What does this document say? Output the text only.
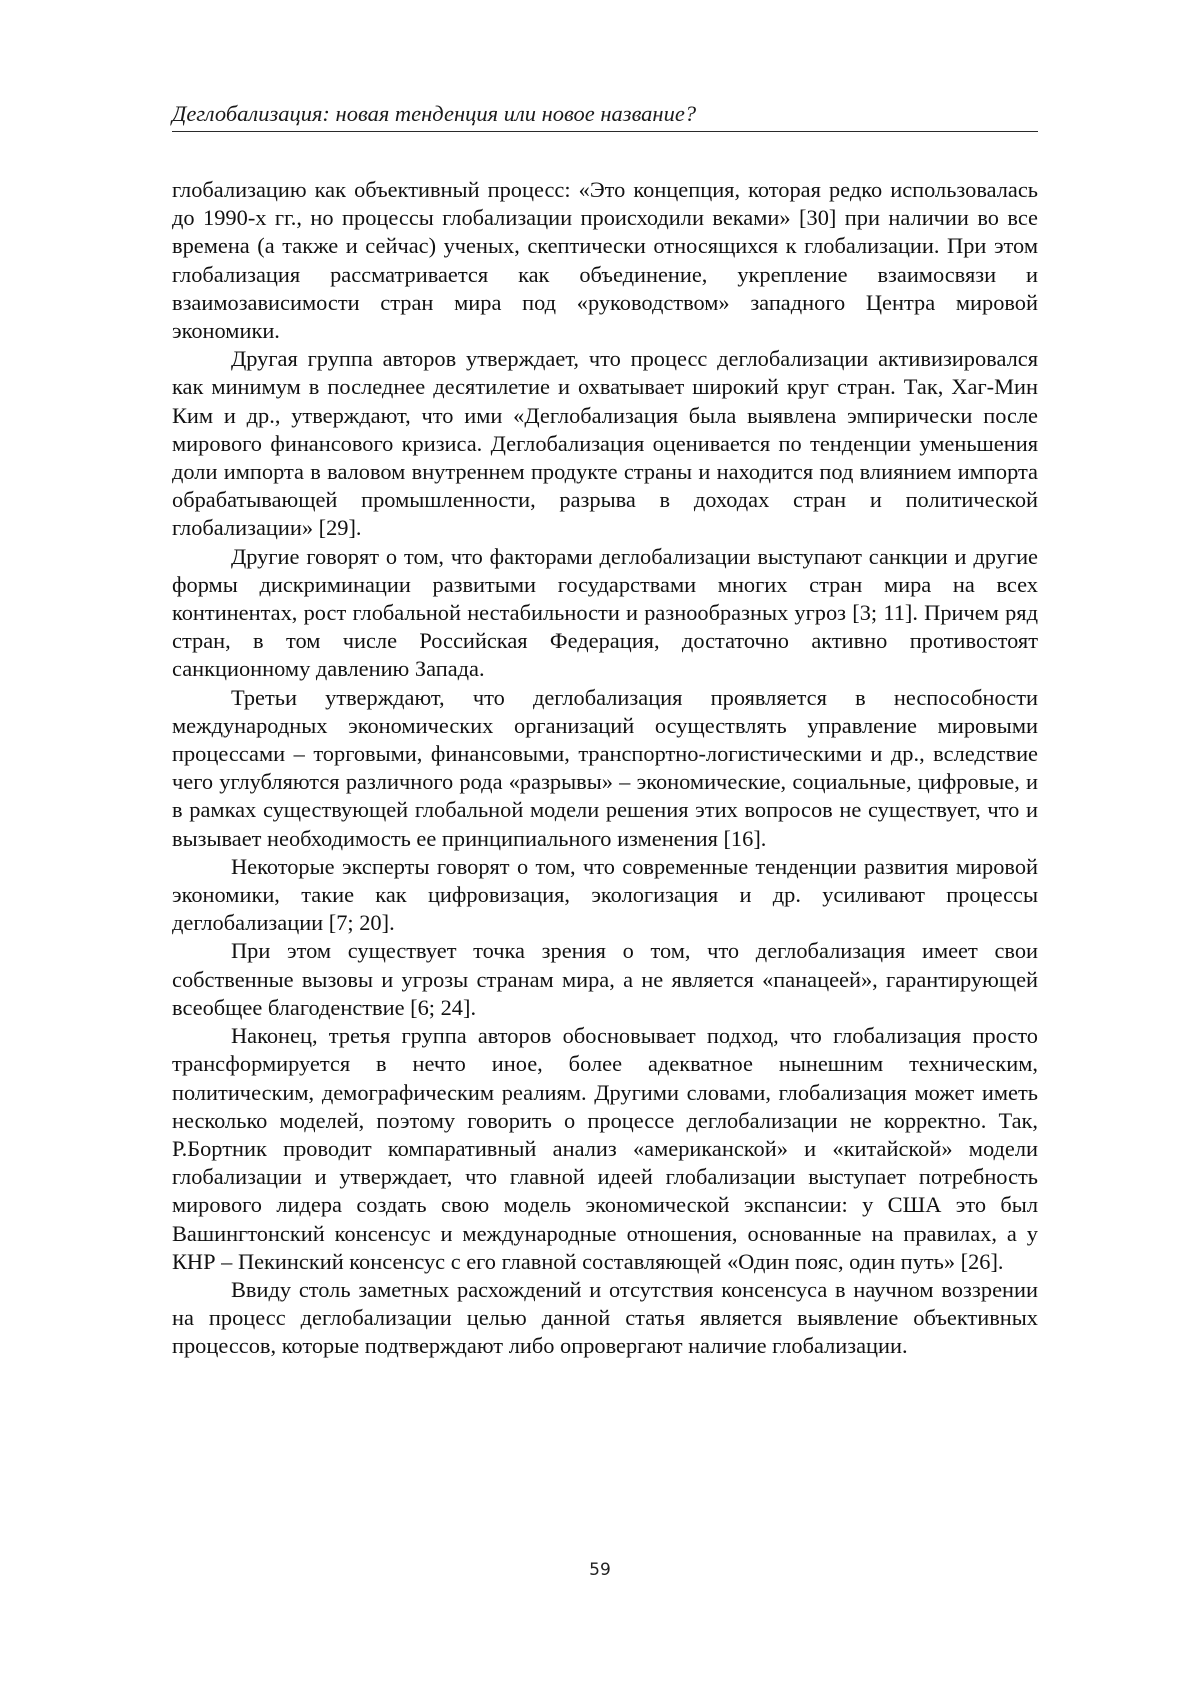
Деглобализация: новая тенденция или новое название?

глобализацию как объективный процесс: «Это концепция, которая редко использовалась до 1990-х гг., но процессы глобализации происходили веками» [30] при наличии во все времена (а также и сейчас) ученых, скептически относящихся к глобализации. При этом глобализация рассматривается как объединение, укрепление взаимосвязи и взаимозависимости стран мира под «руководством» западного Центра мировой экономики.

Другая группа авторов утверждает, что процесс деглобализации активизировался как минимум в последнее десятилетие и охватывает широкий круг стран. Так, Хаг-Мин Ким и др., утверждают, что ими «Деглобализация была выявлена эмпирически после мирового финансового кризиса. Деглобализация оценивается по тенденции уменьшения доли импорта в валовом внутреннем продукте страны и находится под влиянием импорта обрабатывающей промышленности, разрыва в доходах стран и политической глобализации» [29].

Другие говорят о том, что факторами деглобализации выступают санкции и другие формы дискриминации развитыми государствами многих стран мира на всех континентах, рост глобальной нестабильности и разнообразных угроз [3; 11]. Причем ряд стран, в том числе Российская Федерация, достаточно активно противостоят санкционному давлению Запада.

Третьи утверждают, что деглобализация проявляется в неспособности международных экономических организаций осуществлять управление мировыми процессами – торговыми, финансовыми, транспортно-логистическими и др., вследствие чего углубляются различного рода «разрывы» – экономические, социальные, цифровые, и в рамках существующей глобальной модели решения этих вопросов не существует, что и вызывает необходимость ее принципиального изменения [16].

Некоторые эксперты говорят о том, что современные тенденции развития мировой экономики, такие как цифровизация, экологизация и др. усиливают процессы деглобализации [7; 20].

При этом существует точка зрения о том, что деглобализация имеет свои собственные вызовы и угрозы странам мира, а не является «панацеей», гарантирующей всеобщее благоденствие [6; 24].

Наконец, третья группа авторов обосновывает подход, что глобализация просто трансформируется в нечто иное, более адекватное нынешним техническим, политическим, демографическим реалиям. Другими словами, глобализация может иметь несколько моделей, поэтому говорить о процессе деглобализации не корректно. Так, Р.Бортник проводит компаративный анализ «американской» и «китайской» модели глобализации и утверждает, что главной идеей глобализации выступает потребность мирового лидера создать свою модель экономической экспансии: у США это был Вашингтонский консенсус и международные отношения, основанные на правилах, а у КНР – Пекинский консенсус с его главной составляющей «Один пояс, один путь» [26].

Ввиду столь заметных расхождений и отсутствия консенсуса в научном воззрении на процесс деглобализации целью данной статья является выявление объективных процессов, которые подтверждают либо опровергают наличие глобализации.

59
